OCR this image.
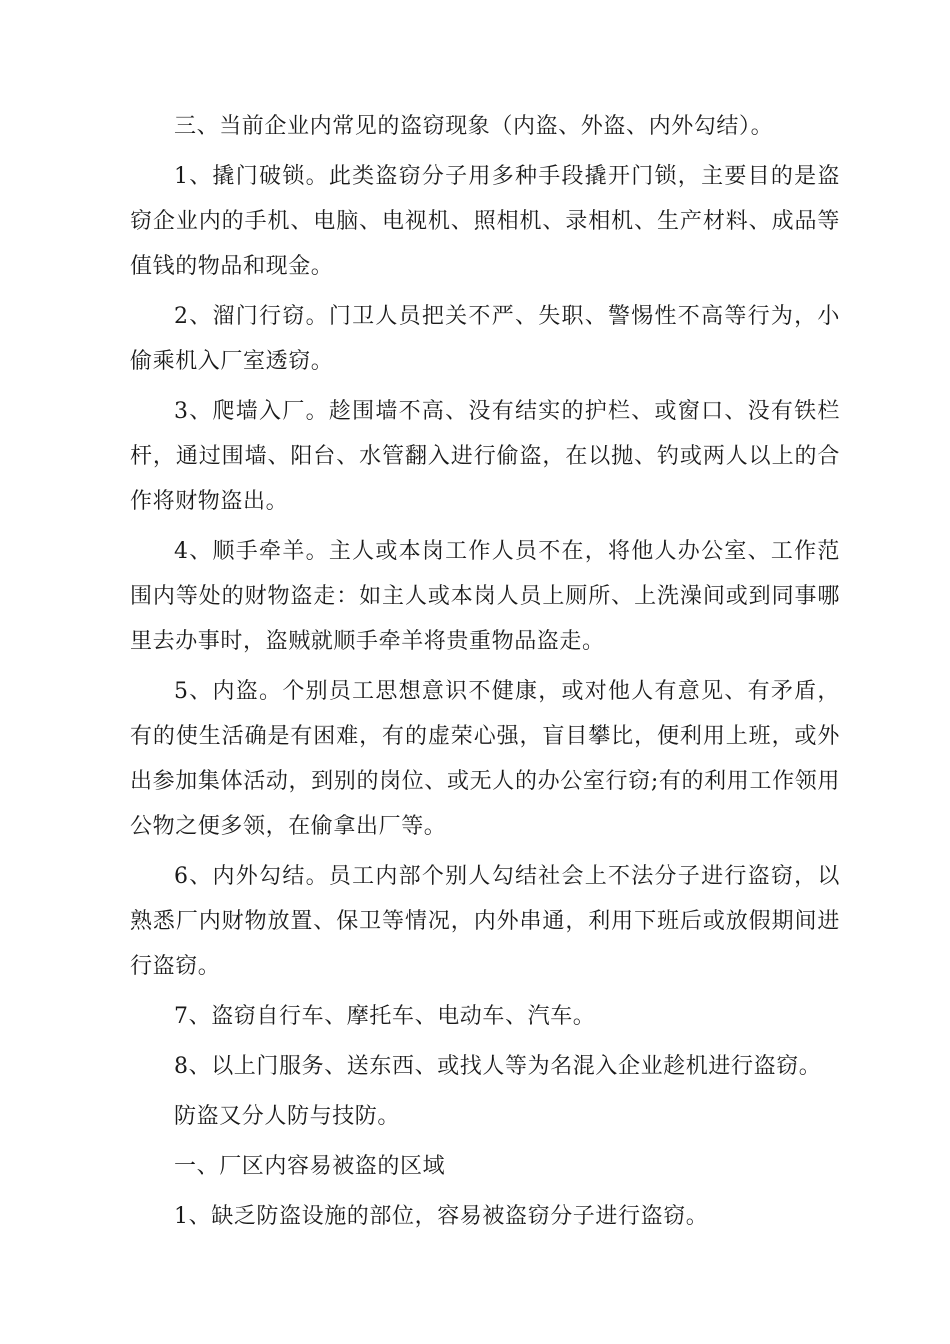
三、当前企业内常见的盗窃现象（内盗、外盗、内外勾结）。

1、撬门破锁。此类盗窃分子用多种手段撬开门锁，主要目的是盗窃企业内的手机、电脑、电视机、照相机、录相机、生产材料、成品等值钱的物品和现金。

2、溜门行窃。门卫人员把关不严、失职、警惕性不高等行为，小偷乘机入厂室透窃。

3、爬墙入厂。趁围墙不高、没有结实的护栏、或窗口、没有铁栏杆，通过围墙、阳台、水管翻入进行偷盗，在以抛、钓或两人以上的合作将财物盗出。

4、顺手牵羊。主人或本岗工作人员不在，将他人办公室、工作范围内等处的财物盗走：如主人或本岗人员上厕所、上洗澡间或到同事哪里去办事时，盗贼就顺手牵羊将贵重物品盗走。

5、内盗。个别员工思想意识不健康，或对他人有意见、有矛盾，有的使生活确是有困难，有的虚荣心强，盲目攀比，便利用上班，或外出参加集体活动，到别的岗位、或无人的办公室行窃;有的利用工作领用公物之便多领，在偷拿出厂等。

6、内外勾结。员工内部个别人勾结社会上不法分子进行盗窃，以熟悉厂内财物放置、保卫等情况，内外串通，利用下班后或放假期间进行盗窃。

7、盗窃自行车、摩托车、电动车、汽车。

8、以上门服务、送东西、或找人等为名混入企业趁机进行盗窃。

防盗又分人防与技防。

一、厂区内容易被盗的区域

1、缺乏防盗设施的部位，容易被盗窃分子进行盗窃。
